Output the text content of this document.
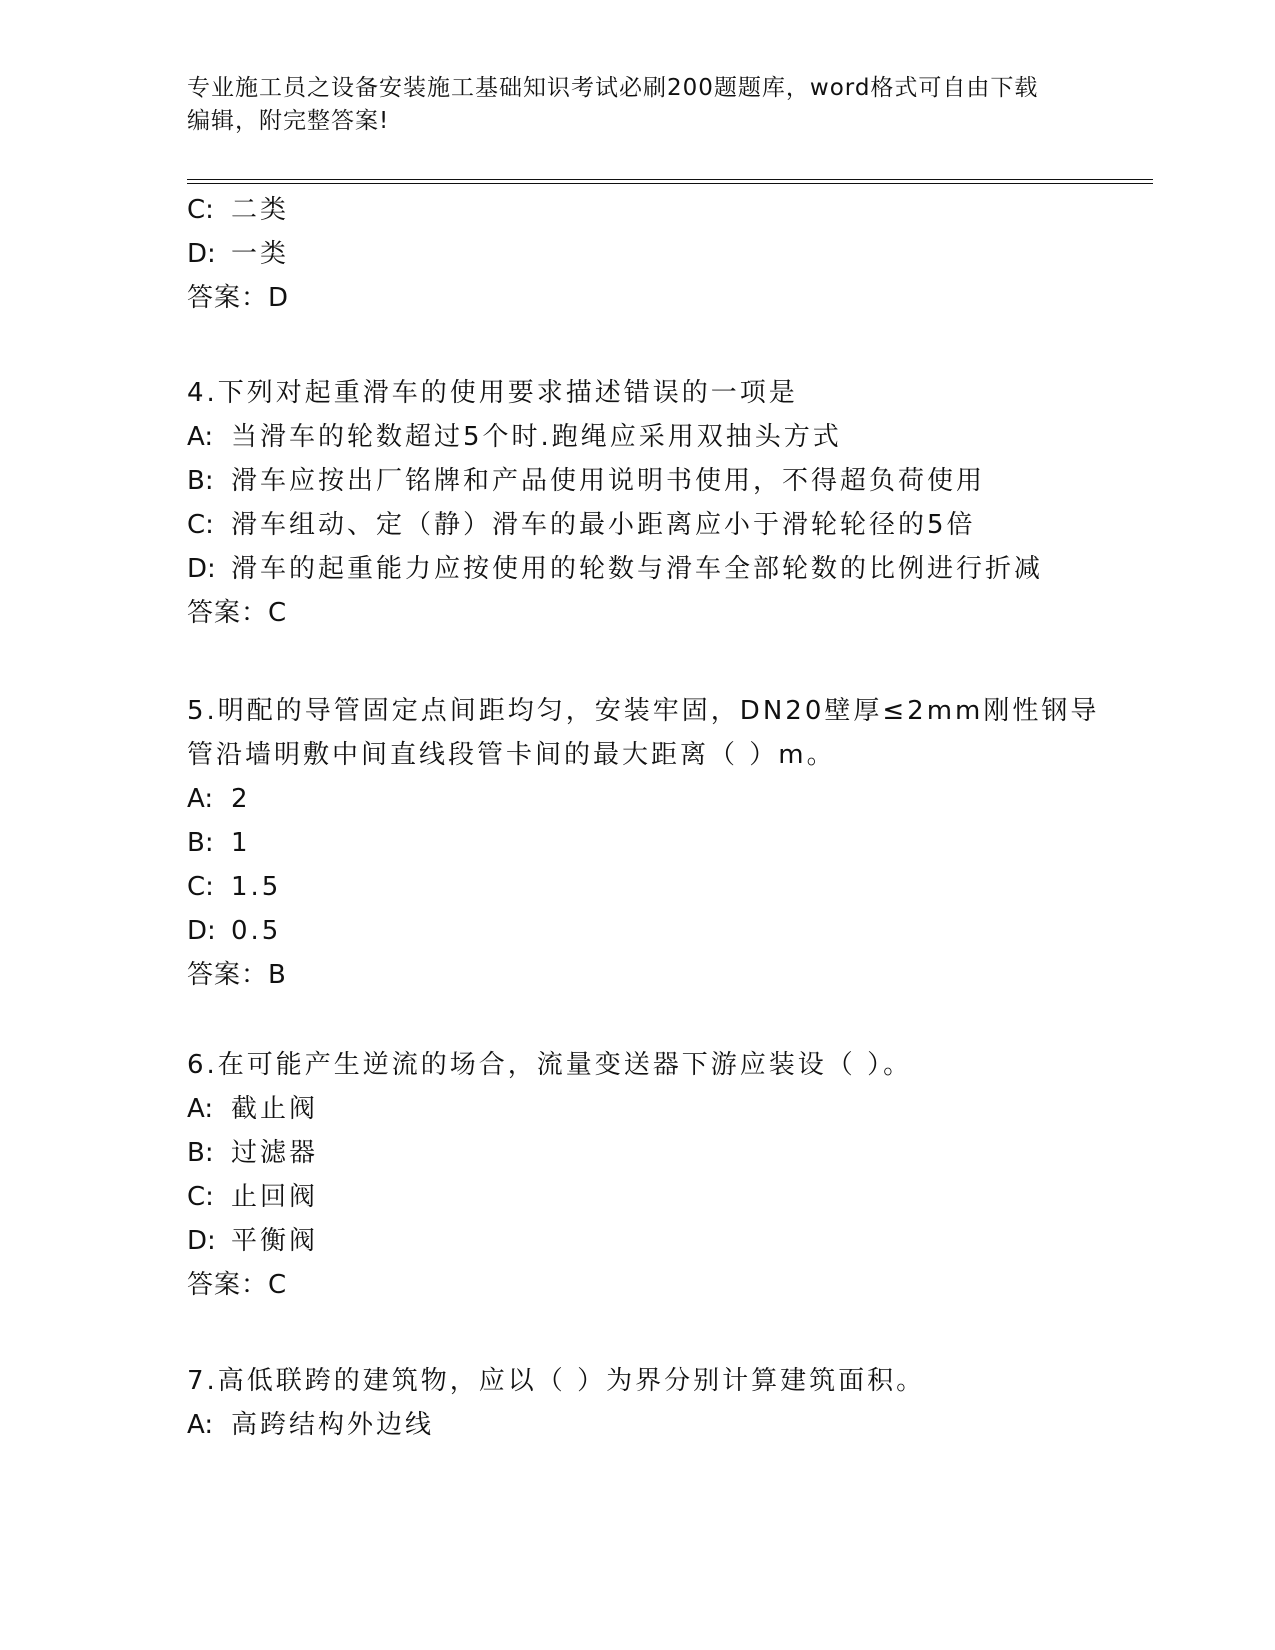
专业施工员之设备安装施工基础知识考试必刷200题题库，word格式可自由下载
编辑，附完整答案!
C: 二类
D: 一类
答案：D
4.下列对起重滑车的使用要求描述错误的一项是
A: 当滑车的轮数超过5个时.跑绳应采用双抽头方式
B: 滑车应按出厂铭牌和产品使用说明书使用，不得超负荷使用
C: 滑车组动、定（静）滑车的最小距离应小于滑轮轮径的5倍
D: 滑车的起重能力应按使用的轮数与滑车全部轮数的比例进行折减
答案：C
5.明配的导管固定点间距均匀，安装牢固，DN20壁厚≤2mm刚性钢导
管沿墙明敷中间直线段管卡间的最大距离（ ）m。
A: 2
B: 1
C: 1.5
D: 0.5
答案：B
6.在可能产生逆流的场合，流量变送器下游应装设（ ）。
A: 截止阀
B: 过滤器
C: 止回阀
D: 平衡阀
答案：C
7.高低联跨的建筑物，应以（ ）为界分别计算建筑面积。
A: 高跨结构外边线
